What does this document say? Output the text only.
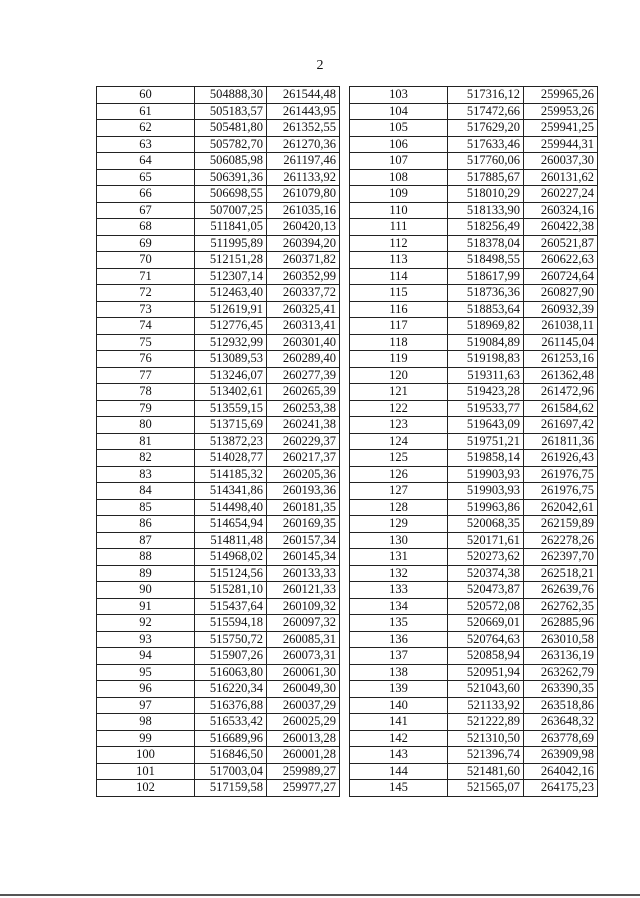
2
60	504888,30	261544,48
61	505183,57	261443,95
62	505481,80	261352,55
63	505782,70	261270,36
64	506085,98	261197,46
65	506391,36	261133,92
66	506698,55	261079,80
67	507007,25	261035,16
68	511841,05	260420,13
69	511995,89	260394,20
70	512151,28	260371,82
71	512307,14	260352,99
72	512463,40	260337,72
73	512619,91	260325,41
74	512776,45	260313,41
75	512932,99	260301,40
76	513089,53	260289,40
77	513246,07	260277,39
78	513402,61	260265,39
79	513559,15	260253,38
80	513715,69	260241,38
81	513872,23	260229,37
82	514028,77	260217,37
83	514185,32	260205,36
84	514341,86	260193,36
85	514498,40	260181,35
86	514654,94	260169,35
87	514811,48	260157,34
88	514968,02	260145,34
89	515124,56	260133,33
90	515281,10	260121,33
91	515437,64	260109,32
92	515594,18	260097,32
93	515750,72	260085,31
94	515907,26	260073,31
95	516063,80	260061,30
96	516220,34	260049,30
97	516376,88	260037,29
98	516533,42	260025,29
99	516689,96	260013,28
100	516846,50	260001,28
101	517003,04	259989,27
102	517159,58	259977,27
103	517316,12	259965,26
104	517472,66	259953,26
105	517629,20	259941,25
106	517633,46	259944,31
107	517760,06	260037,30
108	517885,67	260131,62
109	518010,29	260227,24
110	518133,90	260324,16
111	518256,49	260422,38
112	518378,04	260521,87
113	518498,55	260622,63
114	518617,99	260724,64
115	518736,36	260827,90
116	518853,64	260932,39
117	518969,82	261038,11
118	519084,89	261145,04
119	519198,83	261253,16
120	519311,63	261362,48
121	519423,28	261472,96
122	519533,77	261584,62
123	519643,09	261697,42
124	519751,21	261811,36
125	519858,14	261926,43
126	519903,93	261976,75
127	519903,93	261976,75
128	519963,86	262042,61
129	520068,35	262159,89
130	520171,61	262278,26
131	520273,62	262397,70
132	520374,38	262518,21
133	520473,87	262639,76
134	520572,08	262762,35
135	520669,01	262885,96
136	520764,63	263010,58
137	520858,94	263136,19
138	520951,94	263262,79
139	521043,60	263390,35
140	521133,92	263518,86
141	521222,89	263648,32
142	521310,50	263778,69
143	521396,74	263909,98
144	521481,60	264042,16
145	521565,07	264175,23
